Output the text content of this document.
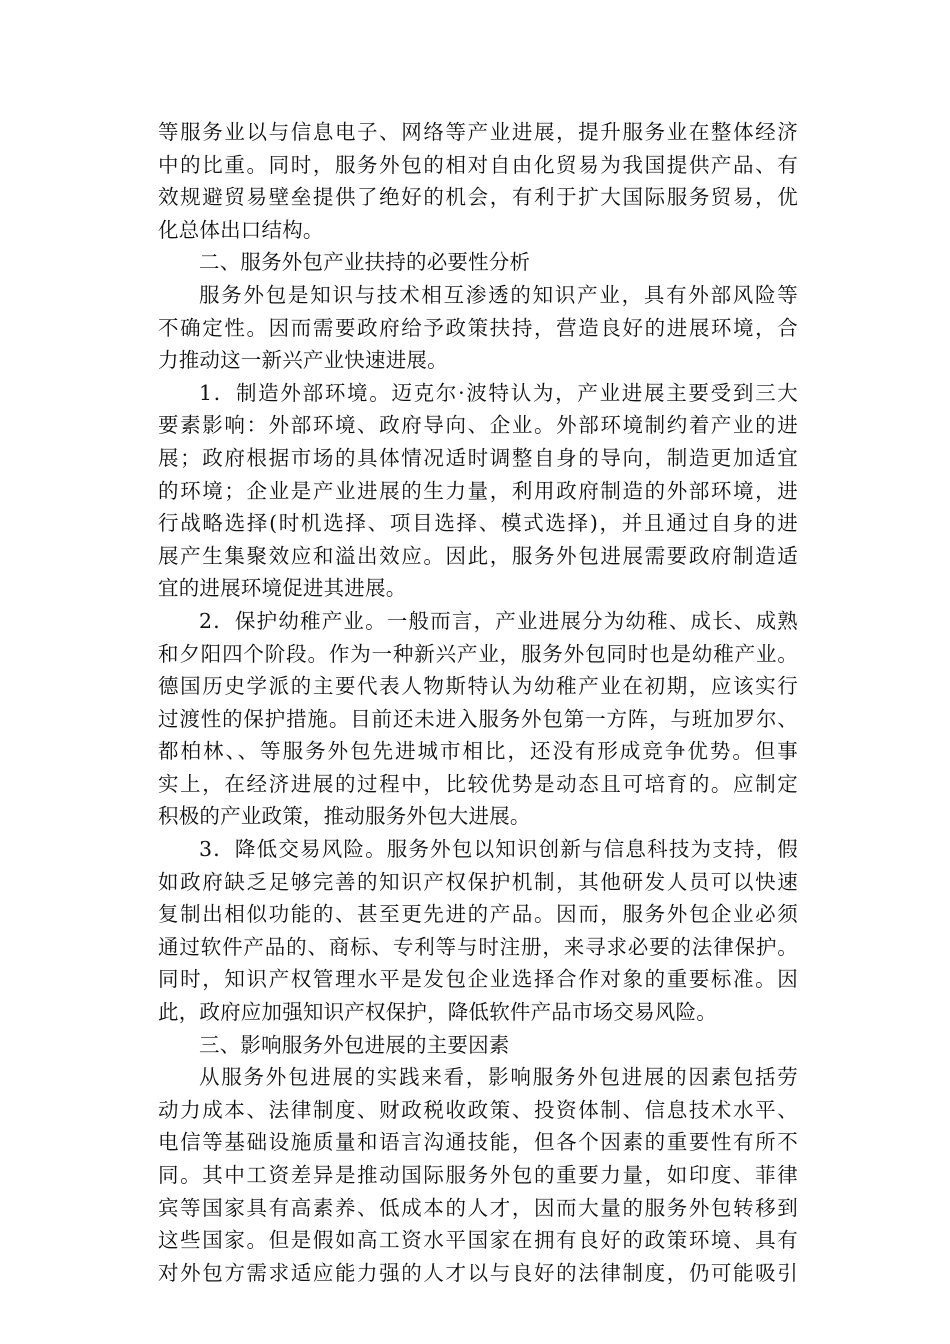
等服务业以与信息电子、网络等产业进展，提升服务业在整体经济
中的比重。同时，服务外包的相对自由化贸易为我国提供产品、有
效规避贸易壁垒提供了绝好的机会，有利于扩大国际服务贸易，优
化总体出口结构。
二、服务外包产业扶持的必要性分析
服务外包是知识与技术相互渗透的知识产业，具有外部风险等
不确定性。因而需要政府给予政策扶持，营造良好的进展环境，合
力推动这一新兴产业快速进展。
1．制造外部环境。迈克尔·波特认为，产业进展主要受到三大
要素影响：外部环境、政府导向、企业。外部环境制约着产业的进
展；政府根据市场的具体情况适时调整自身的导向，制造更加适宜
的环境；企业是产业进展的生力量，利用政府制造的外部环境，进
行战略选择(时机选择、项目选择、模式选择)，并且通过自身的进
展产生集聚效应和溢出效应。因此，服务外包进展需要政府制造适
宜的进展环境促进其进展。
2．保护幼稚产业。一般而言，产业进展分为幼稚、成长、成熟
和夕阳四个阶段。作为一种新兴产业，服务外包同时也是幼稚产业。
德国历史学派的主要代表人物斯特认为幼稚产业在初期，应该实行
过渡性的保护措施。目前还未进入服务外包第一方阵，与班加罗尔、
都柏林、、等服务外包先进城市相比，还没有形成竞争优势。但事
实上，在经济进展的过程中，比较优势是动态且可培育的。应制定
积极的产业政策，推动服务外包大进展。
3．降低交易风险。服务外包以知识创新与信息科技为支持，假
如政府缺乏足够完善的知识产权保护机制，其他研发人员可以快速
复制出相似功能的、甚至更先进的产品。因而，服务外包企业必须
通过软件产品的、商标、专利等与时注册，来寻求必要的法律保护。
同时，知识产权管理水平是发包企业选择合作对象的重要标准。因
此，政府应加强知识产权保护，降低软件产品市场交易风险。
三、影响服务外包进展的主要因素
从服务外包进展的实践来看，影响服务外包进展的因素包括劳
动力成本、法律制度、财政税收政策、投资体制、信息技术水平、
电信等基础设施质量和语言沟通技能，但各个因素的重要性有所不
同。其中工资差异是推动国际服务外包的重要力量，如印度、菲律
宾等国家具有高素养、低成本的人才，因而大量的服务外包转移到
这些国家。但是假如高工资水平国家在拥有良好的政策环境、具有
对外包方需求适应能力强的人才以与良好的法律制度，仍可能吸引
